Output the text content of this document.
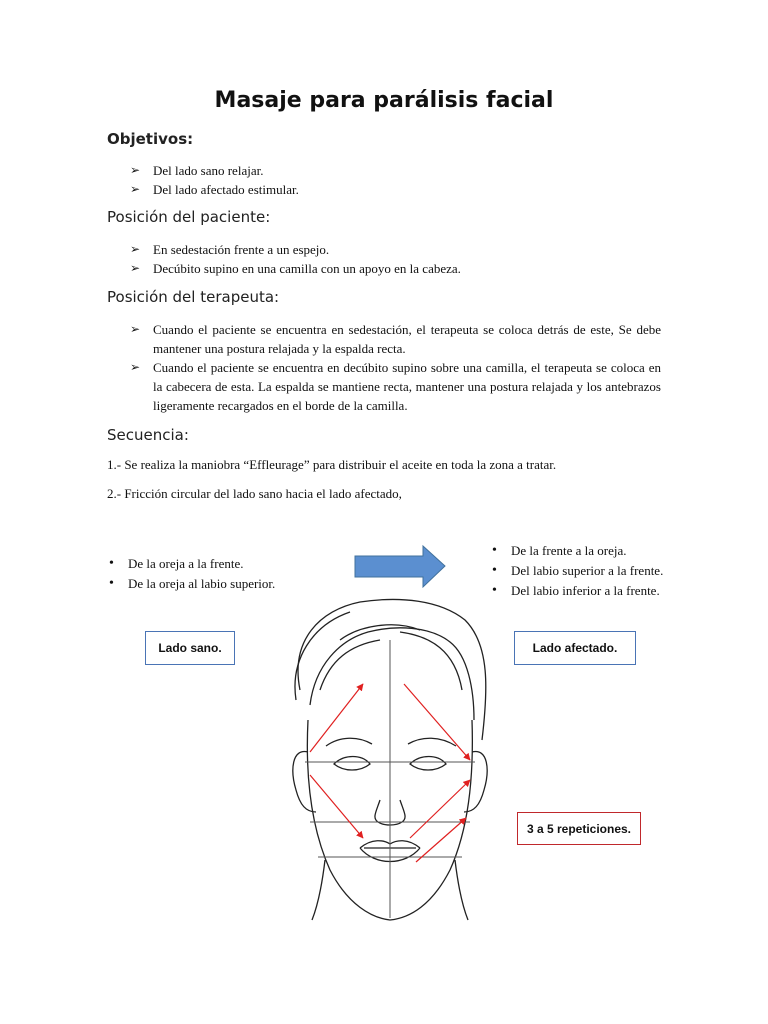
Masaje para parálisis facial
Objetivos:
➢ Del lado sano relajar.
➢ Del lado afectado estimular.
Posición del paciente:
➢ En sedestación frente a un espejo.
➢ Decúbito supino en una camilla con un apoyo en la cabeza.
Posición del terapeuta:
➢ Cuando el paciente se encuentra en sedestación, el terapeuta se coloca detrás de este, Se debe mantener una postura relajada y la espalda recta.
➢ Cuando el paciente se encuentra en decúbito supino sobre una camilla, el terapeuta se coloca en la cabecera de esta. La espalda se mantiene recta, mantener una postura relajada y los antebrazos ligeramente recargados en el borde de la camilla.
Secuencia:
1.- Se realiza la maniobra “Effleurage” para distribuir el aceite en toda la zona a tratar.
2.- Fricción circular del lado sano hacia el lado afectado,
• De la oreja a la frente.
• De la oreja al labio superior.
• De la frente a la oreja.
• Del labio superior a la frente.
• Del labio inferior a la frente.
Lado sano.	Lado afectado.
3 a 5 repeticiones.
